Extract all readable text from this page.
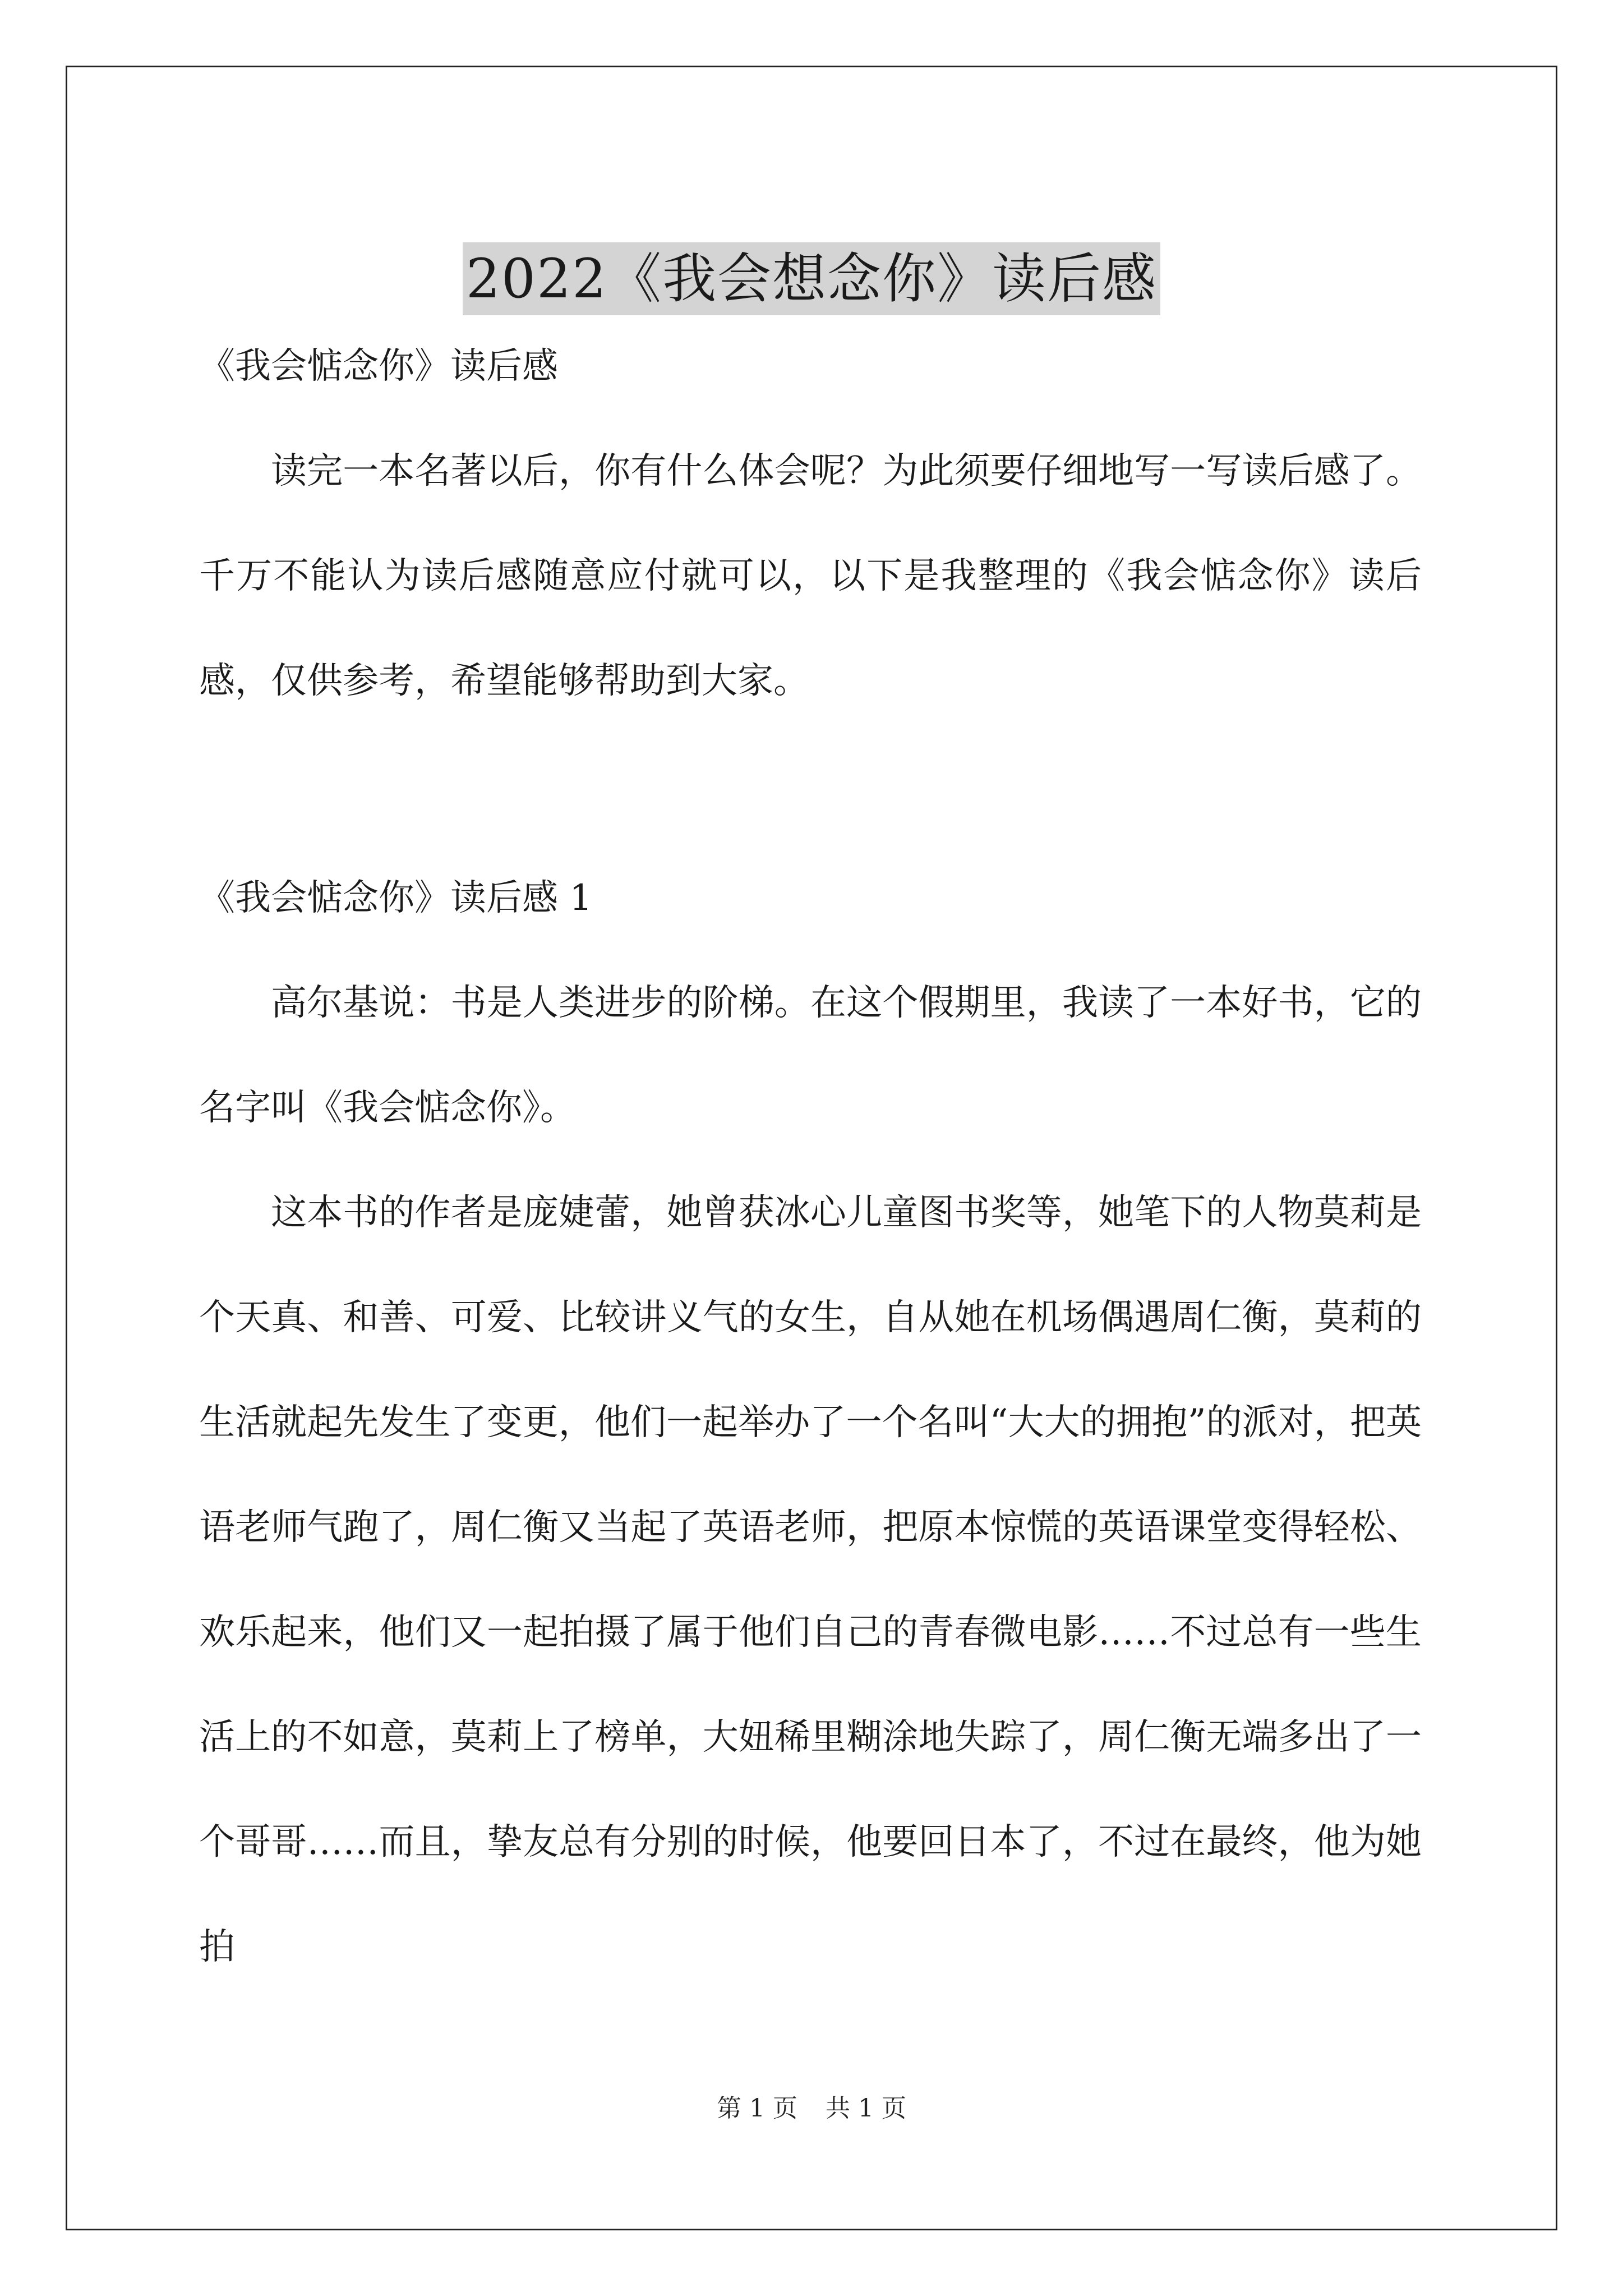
2022《我会想念你》读后感

《我会惦念你》读后感

读完一本名著以后，你有什么体会呢？为此须要仔细地写一写读后感了。千万不能认为读后感随意应付就可以，以下是我整理的《我会惦念你》读后感，仅供参考，希望能够帮助到大家。

《我会惦念你》读后感 1

高尔基说：书是人类进步的阶梯。在这个假期里，我读了一本好书，它的名字叫《我会惦念你》。

这本书的作者是庞婕蕾，她曾获冰心儿童图书奖等，她笔下的人物莫莉是个天真、和善、可爱、比较讲义气的女生，自从她在机场偶遇周仁衡，莫莉的生活就起先发生了变更，他们一起举办了一个名叫“大大的拥抱”的派对，把英语老师气跑了，周仁衡又当起了英语老师，把原本惊慌的英语课堂变得轻松、欢乐起来，他们又一起拍摄了属于他们自己的青春微电影……不过总有一些生活上的不如意，莫莉上了榜单，大妞稀里糊涂地失踪了，周仁衡无端多出了一个哥哥……而且，挚友总有分别的时候，他要回日本了，不过在最终，他为她拍

第 1 页 共 1 页
